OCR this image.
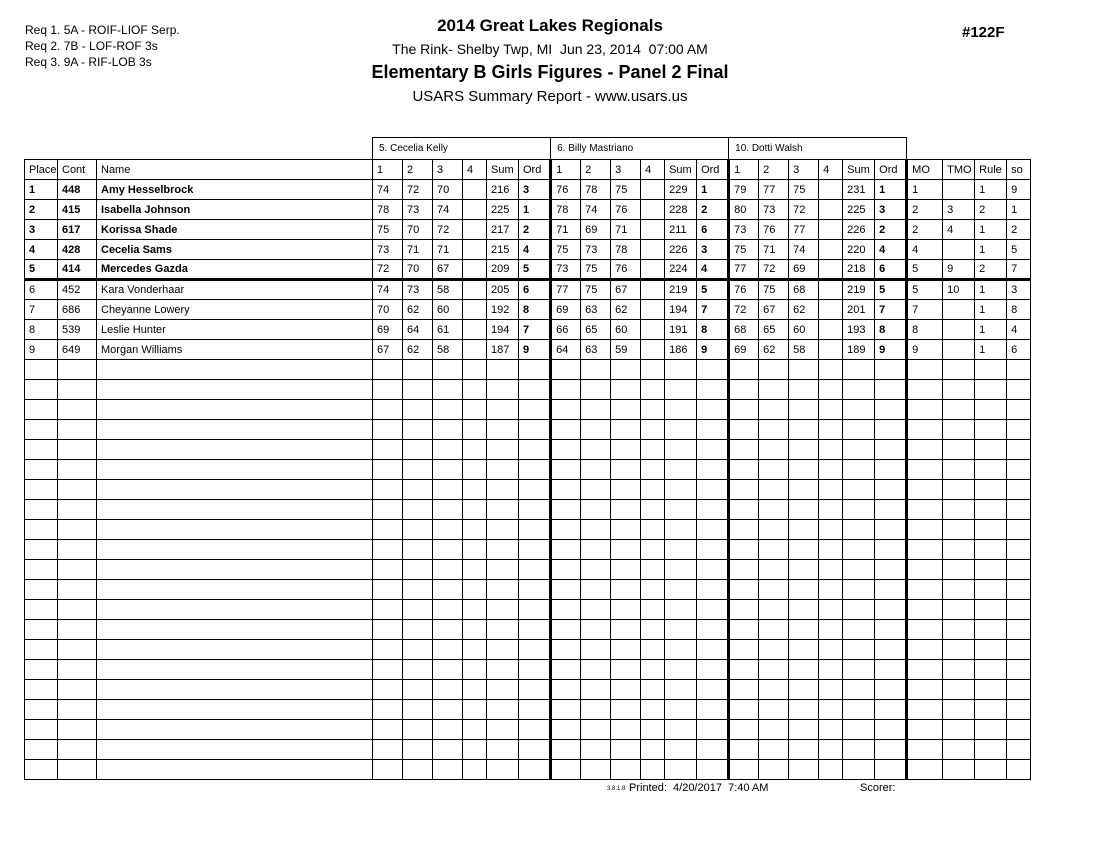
Req 1. 5A - ROIF-LIOF Serp.
Req 2. 7B - LOF-ROF 3s
Req 3. 9A - RIF-LOB 3s
2014 Great Lakes Regionals
The Rink- Shelby Twp, MI  Jun 23, 2014  07:00 AM
Elementary B Girls Figures - Panel 2 Final
USARS Summary Report - www.usars.us
#122F
			5. Cecelia Kelly						6. Billy Mastriano						10. Dotti Walsh									
Place	Cont	Name	1	2	3	4	Sum	Ord	1	2	3	4	Sum	Ord	1	2	3	4	Sum	Ord	MO	TMO	Rule	so
1	448	Amy Hesselbrock	74	72	70		216	3	76	78	75		229	1	79	77	75		231	1	1		1	9
2	415	Isabella Johnson	78	73	74		225	1	78	74	76		228	2	80	73	72		225	3	2	3	2	1
3	617	Korissa Shade	75	70	72		217	2	71	69	71		211	6	73	76	77		226	2	2	4	1	2
4	428	Cecelia Sams	73	71	71		215	4	75	73	78		226	3	75	71	74		220	4	4		1	5
5	414	Mercedes Gazda	72	70	67		209	5	73	75	76		224	4	77	72	69		218	6	5	9	2	7
6	452	Kara Vonderhaar	74	73	58		205	6	77	75	67		219	5	76	75	68		219	5	5	10	1	3
7	686	Cheyanne Lowery	70	62	60		192	8	69	63	62		194	7	72	67	62		201	7	7		1	8
8	539	Leslie Hunter	69	64	61		194	7	66	65	60		191	8	68	65	60		193	8	8		1	4
9	649	Morgan Williams	67	62	58		187	9	64	63	59		186	9	69	62	58		189	9	9		1	6

3.8.1.8 Printed:  4/20/2017  7:40 AM	Scorer:
